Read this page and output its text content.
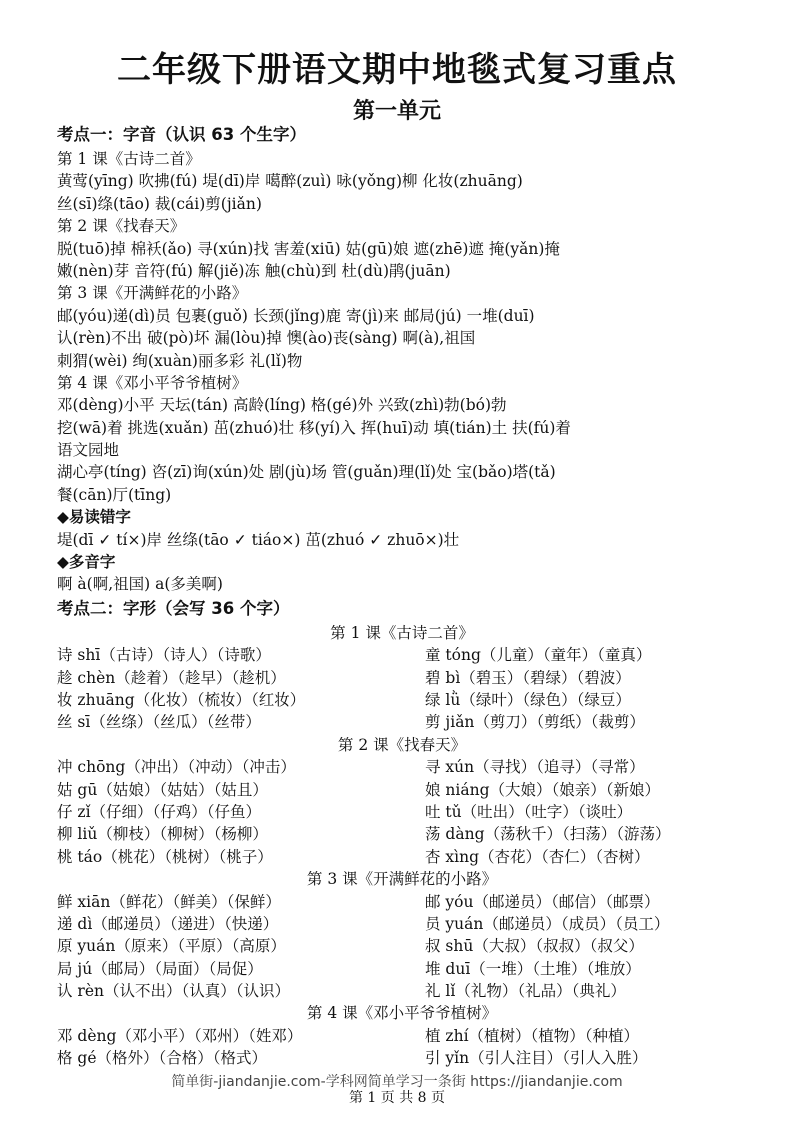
二年级下册语文期中地毯式复习重点
第一单元
考点一：字音（认识 63 个生字）
第 1 课《古诗二首》
黄莺(yīng) 吹拂(fú) 堤(dī)岸 噶醉(zuì) 咏(yǒng)柳 化妆(zhuāng)
丝(sī)绦(tāo) 裁(cái)剪(jiǎn)
第 2 课《找春天》
脱(tuō)掉 棉袄(ǎo) 寻(xún)找 害羞(xiū) 姑(gū)娘 遮(zhē)遮 掩(yǎn)掩
嫩(nèn)芽 音符(fú) 解(jiě)冻 触(chù)到 杜(dù)鹃(juān)
第 3 课《开满鲜花的小路》
邮(yóu)递(dì)员 包裹(guǒ) 长颈(jǐng)鹿 寄(jì)来 邮局(jú) 一堆(duī)
认(rèn)不出 破(pò)坏 漏(lòu)掉 懊(ào)丧(sàng) 啊(à),祖国
刺猬(wèi) 绚(xuàn)丽多彩 礼(lǐ)物
第 4 课《邓小平爷爷植树》
邓(dèng)小平 天坛(tán) 高龄(líng) 格(gé)外 兴致(zhì)勃(bó)勃
挖(wā)着 挑选(xuǎn) 茁(zhuó)壮 移(yí)入 挥(huī)动 填(tián)土 扶(fú)着
语文园地
湖心亭(tíng) 咨(zī)询(xún)处 剧(jù)场 管(guǎn)理(lǐ)处 宝(bǎo)塔(tǎ)
餐(cān)厅(tīng)
◆易读错字
堤(dī ✓ tí×)岸 丝绦(tāo ✓ tiáo×) 茁(zhuó ✓ zhuō×)壮
◆多音字
啊 à(啊,祖国) a(多美啊)
考点二：字形（会写 36 个字）
第 1 课《古诗二首》
诗 shī（古诗）（诗人）（诗歌）	童 tóng（儿童）（童年）（童真）
趁 chèn（趁着）（趁早）（趁机）	碧 bì（碧玉）（碧绿）（碧波）
妆 zhuāng（化妆）（梳妆）（红妆）	绿 lǜ（绿叶）（绿色）（绿豆）
丝 sī（丝绦）（丝瓜）（丝带）	剪 jiǎn（剪刀）（剪纸）（裁剪）
第 2 课《找春天》
冲 chōng（冲出）（冲动）（冲击）	寻 xún（寻找）（追寻）（寻常）
姑 gū（姑娘）（姑姑）（姑且）	娘 niáng（大娘）（娘亲）（新娘）
仔 zǐ（仔细）（仔鸡）（仔鱼）	吐 tǔ（吐出）（吐字）（谈吐）
柳 liǔ（柳枝）（柳树）（杨柳）	荡 dàng（荡秋千）（扫荡）（游荡）
桃 táo（桃花）（桃树）（桃子）	杏 xìng（杏花）（杏仁）（杏树）
第 3 课《开满鲜花的小路》
鲜 xiān（鲜花）（鲜美）（保鲜）	邮 yóu（邮递员）（邮信）（邮票）
递 dì（邮递员）（递进）（快递）	员 yuán（邮递员）（成员）（员工）
原 yuán（原来）（平原）（高原）	叔 shū（大叔）（叔叔）（叔父）
局 jú（邮局）（局面）（局促）	堆 duī（一堆）（土堆）（堆放）
认 rèn（认不出）（认真）（认识）	礼 lǐ（礼物）（礼品）（典礼）
第 4 课《邓小平爷爷植树》
邓 dèng（邓小平）（邓州）（姓邓）	植 zhí（植树）（植物）（种植）
格 gé（格外）（合格）（格式）	引 yǐn（引人注目）（引人入胜）
简单街-jiandanjie.com-学科网简单学习一条街 https://jiandanjie.com
第 1 页 共 8 页
